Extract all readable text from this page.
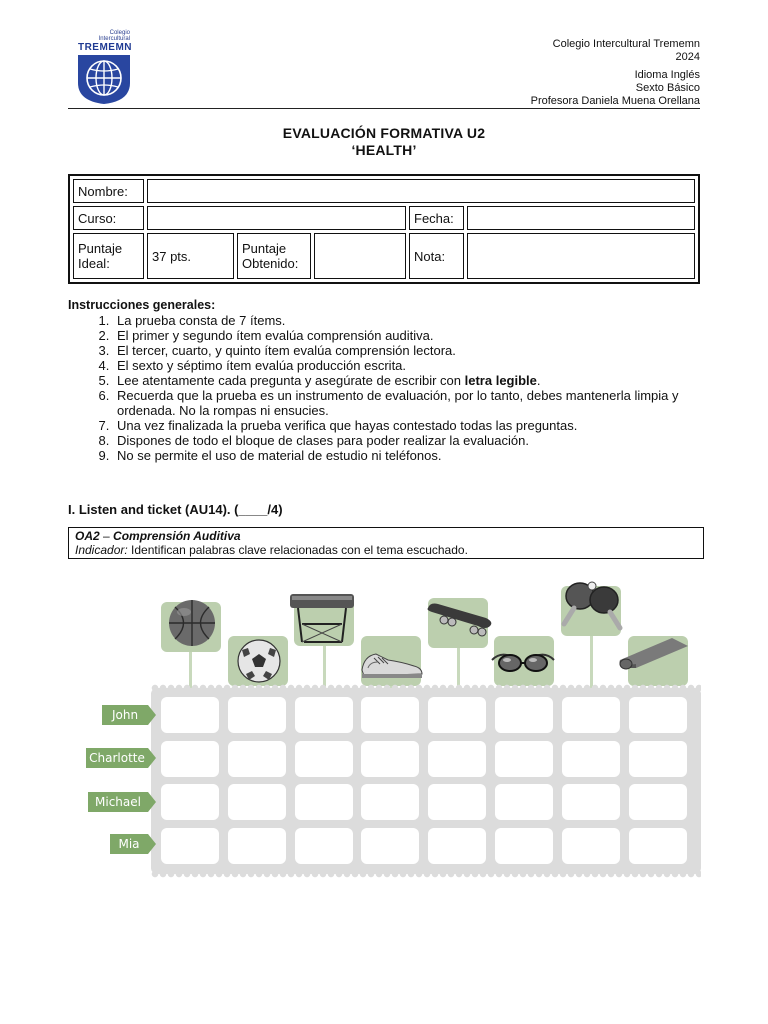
Colegio
Intercultural
TREMEMN	Colegio Intercultural Trememn
2024
Idioma Inglés
Sexto Básico
Profesora Daniela Muena Orellana
EVALUACIÓN FORMATIVA U2
‘HEALTH’
Nombre:					
Curso:				Fecha:	
Puntaje
Ideal:	37 pts.	Puntaje
Obtenido:		Nota:	
Instrucciones generales:
1. La prueba consta de 7 ítems.
2. El primer y segundo ítem evalúa comprensión auditiva.
3. El tercer, cuarto, y quinto ítem evalúa comprensión lectora.
4. El sexto y séptimo ítem evalúa producción escrita.
5. Lee atentamente cada pregunta y asegúrate de escribir con letra legible.
6. Recuerda que la prueba es un instrumento de evaluación, por lo tanto, debes mantenerla limpia y ordenada. No la rompas ni ensucies.
7. Una vez finalizada la prueba verifica que hayas contestado todas las preguntas.
8. Dispones de todo el bloque de clases para poder realizar la evaluación.
9. No se permite el uso de material de estudio ni teléfonos.
I. Listen and ticket (AU14). (____/4)
OA2 – Comprensión Auditiva
Indicador: Identifican palabras clave relacionadas con el tema escuchado.
John
Charlotte
Michael
Mia
